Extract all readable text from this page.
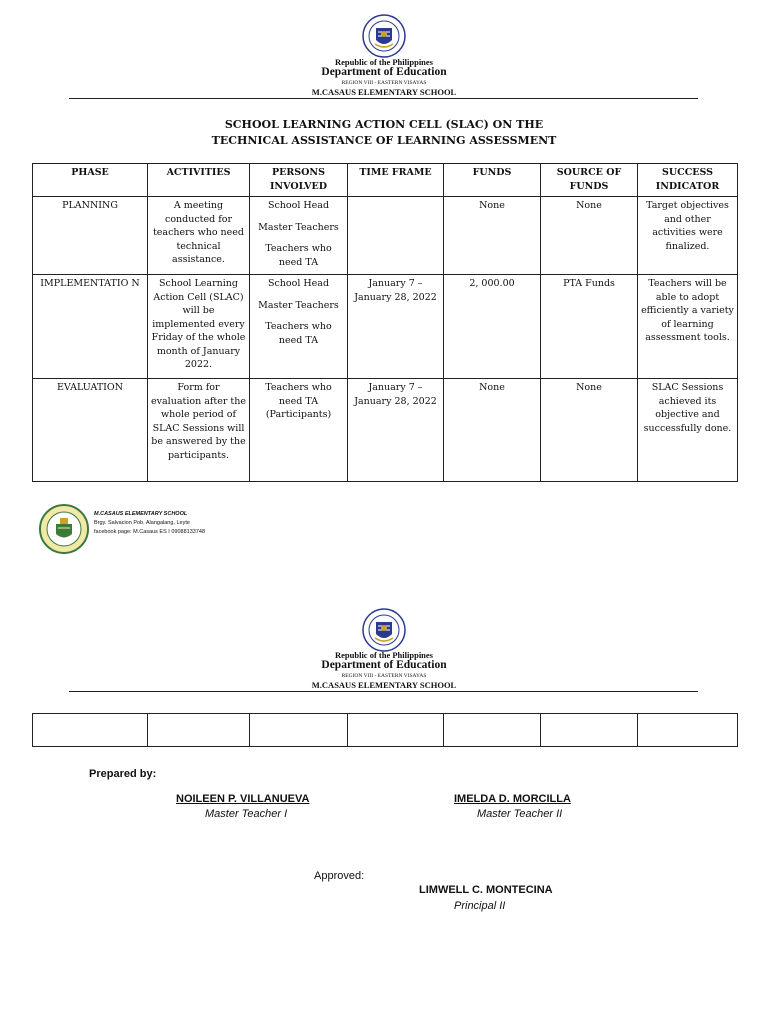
Republic of the Philippines
Department of Education
REGION VIII - EASTERN VISAYAS
M.CASAUS ELEMENTARY SCHOOL
SCHOOL LEARNING ACTION CELL (SLAC) ON THE
TECHNICAL ASSISTANCE OF LEARNING ASSESSMENT
PHASE	ACTIVITIES	PERSONS INVOLVED	TIME FRAME	FUNDS	SOURCE OF FUNDS	SUCCESS INDICATOR
PLANNING	A meeting conducted for teachers who need technical assistance.	School Head
Master Teachers
Teachers who need TA		None	None	Target objectives and other activities were finalized.
IMPLEMENTATIO N	School Learning Action Cell (SLAC) will be implemented every Friday of the whole month of January 2022.	School Head
Master Teachers
Teachers who need TA	January 7 – January 28, 2022	2, 000.00	PTA Funds	Teachers will be able to adopt efficiently a variety of learning assessment tools.
EVALUATION	Form for evaluation after the whole period of SLAC Sessions will be answered by the participants.	Teachers who need TA (Participants)	January 7 – January 28, 2022	None	None	SLAC Sessions achieved its objective and successfully done.
M.CASAUS ELEMENTARY SCHOOL
Brgy. Salvacion Pob. Alangalang, Leyte
facebook page: M.Casaus ES I 09088133748
Republic of the Philippines
Department of Education
REGION VIII - EASTERN VISAYAS
M.CASAUS ELEMENTARY SCHOOL

Prepared by:
NOILEEN P. VILLANUEVA
Master Teacher I
IMELDA D. MORCILLA
Master Teacher II
Approved:
LIMWELL C. MONTECINA
Principal II
